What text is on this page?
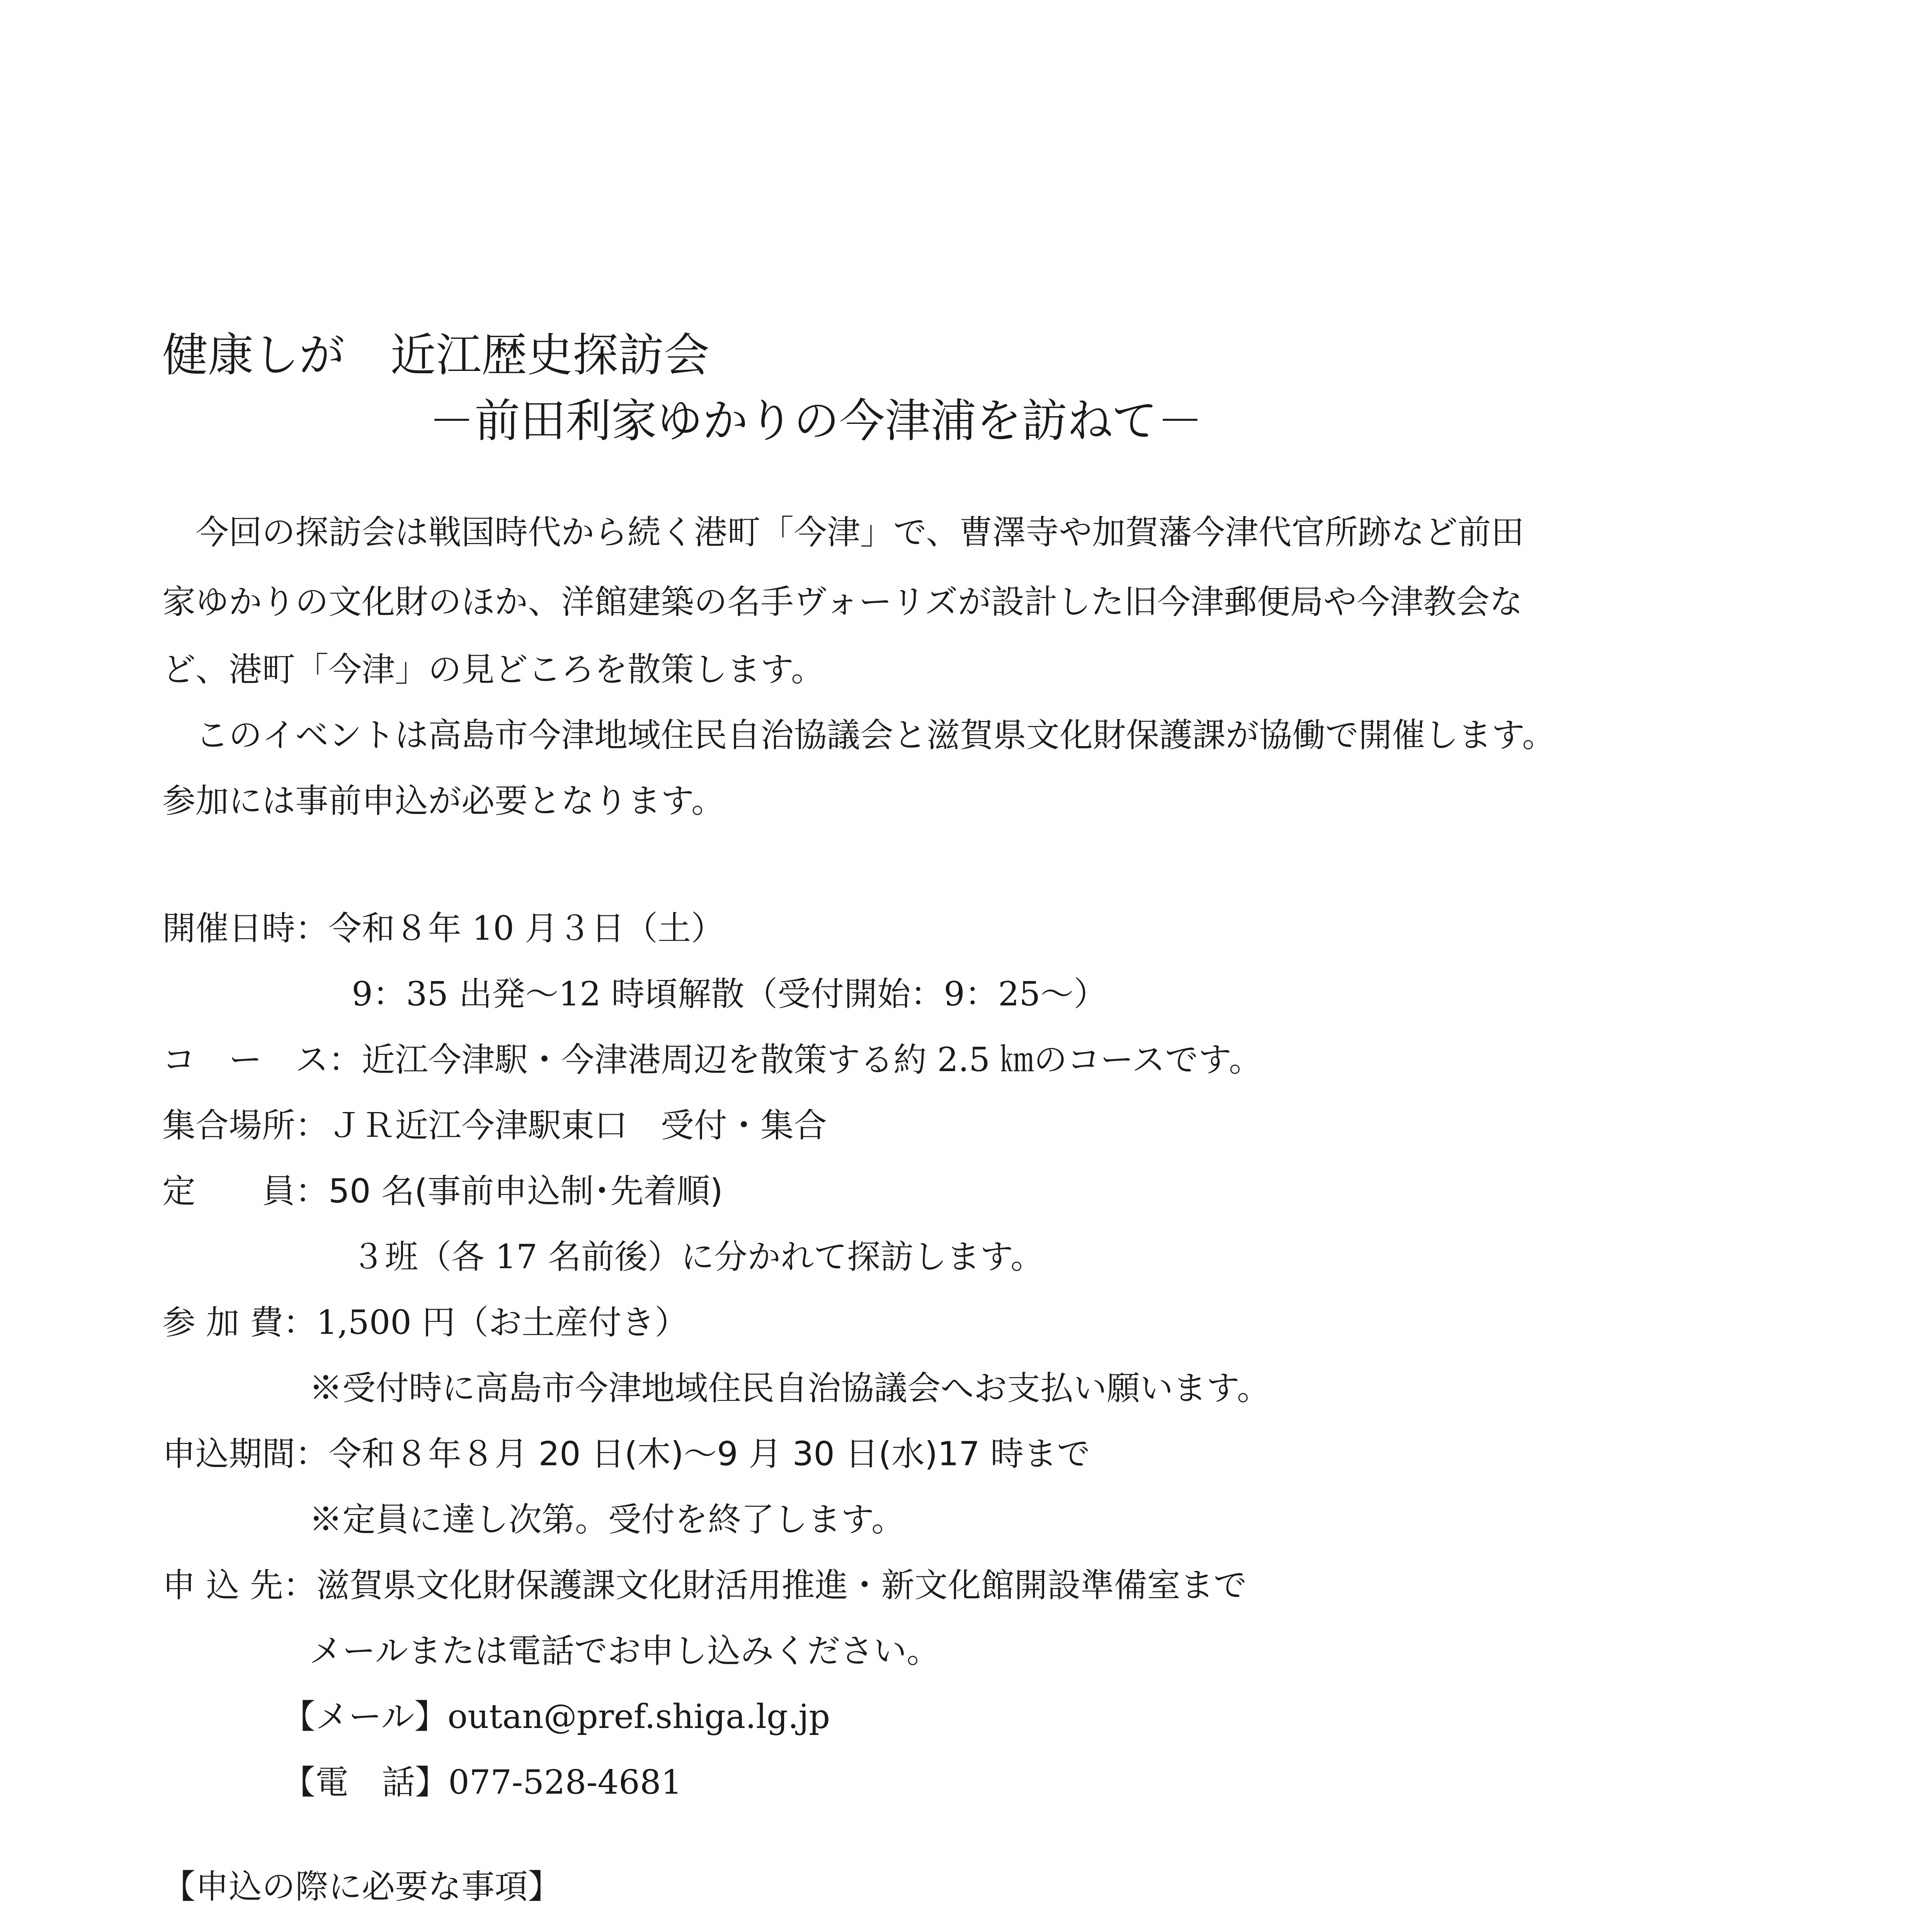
健康しが　近江歴史探訪会
－前田利家ゆかりの今津浦を訪ねて－
　今回の探訪会は戦国時代から続く港町「今津」で、曹澤寺や加賀藩今津代官所跡など前田
家ゆかりの文化財のほか、洋館建築の名手ヴォーリズが設計した旧今津郵便局や今津教会な
ど、港町「今津」の見どころを散策します。
　このイベントは高島市今津地域住民自治協議会と滋賀県文化財保護課が協働で開催します。
参加には事前申込が必要となります。
開催日時：令和８年 10 月３日（土）
9：35 出発～12 時頃解散（受付開始：9：25～）
コ　ー　ス：近江今津駅・今津港周辺を散策する約 2.5 ㎞のコースです。
集合場所：ＪＲ近江今津駅東口　受付・集合
定　　員：50 名(事前申込制･先着順)
３班（各 17 名前後）に分かれて探訪します。
参 加 費：1,500 円（お土産付き）
※受付時に高島市今津地域住民自治協議会へお支払い願います。
申込期間：令和８年８月 20 日(木)～9 月 30 日(水)17 時まで
※定員に達し次第。受付を終了します。
申 込 先：滋賀県文化財保護課文化財活用推進・新文化館開設準備室まで
メールまたは電話でお申し込みください。
【メール】outan@pref.shiga.lg.jp
【電　話】077-528-4681
【申込の際に必要な事項】
